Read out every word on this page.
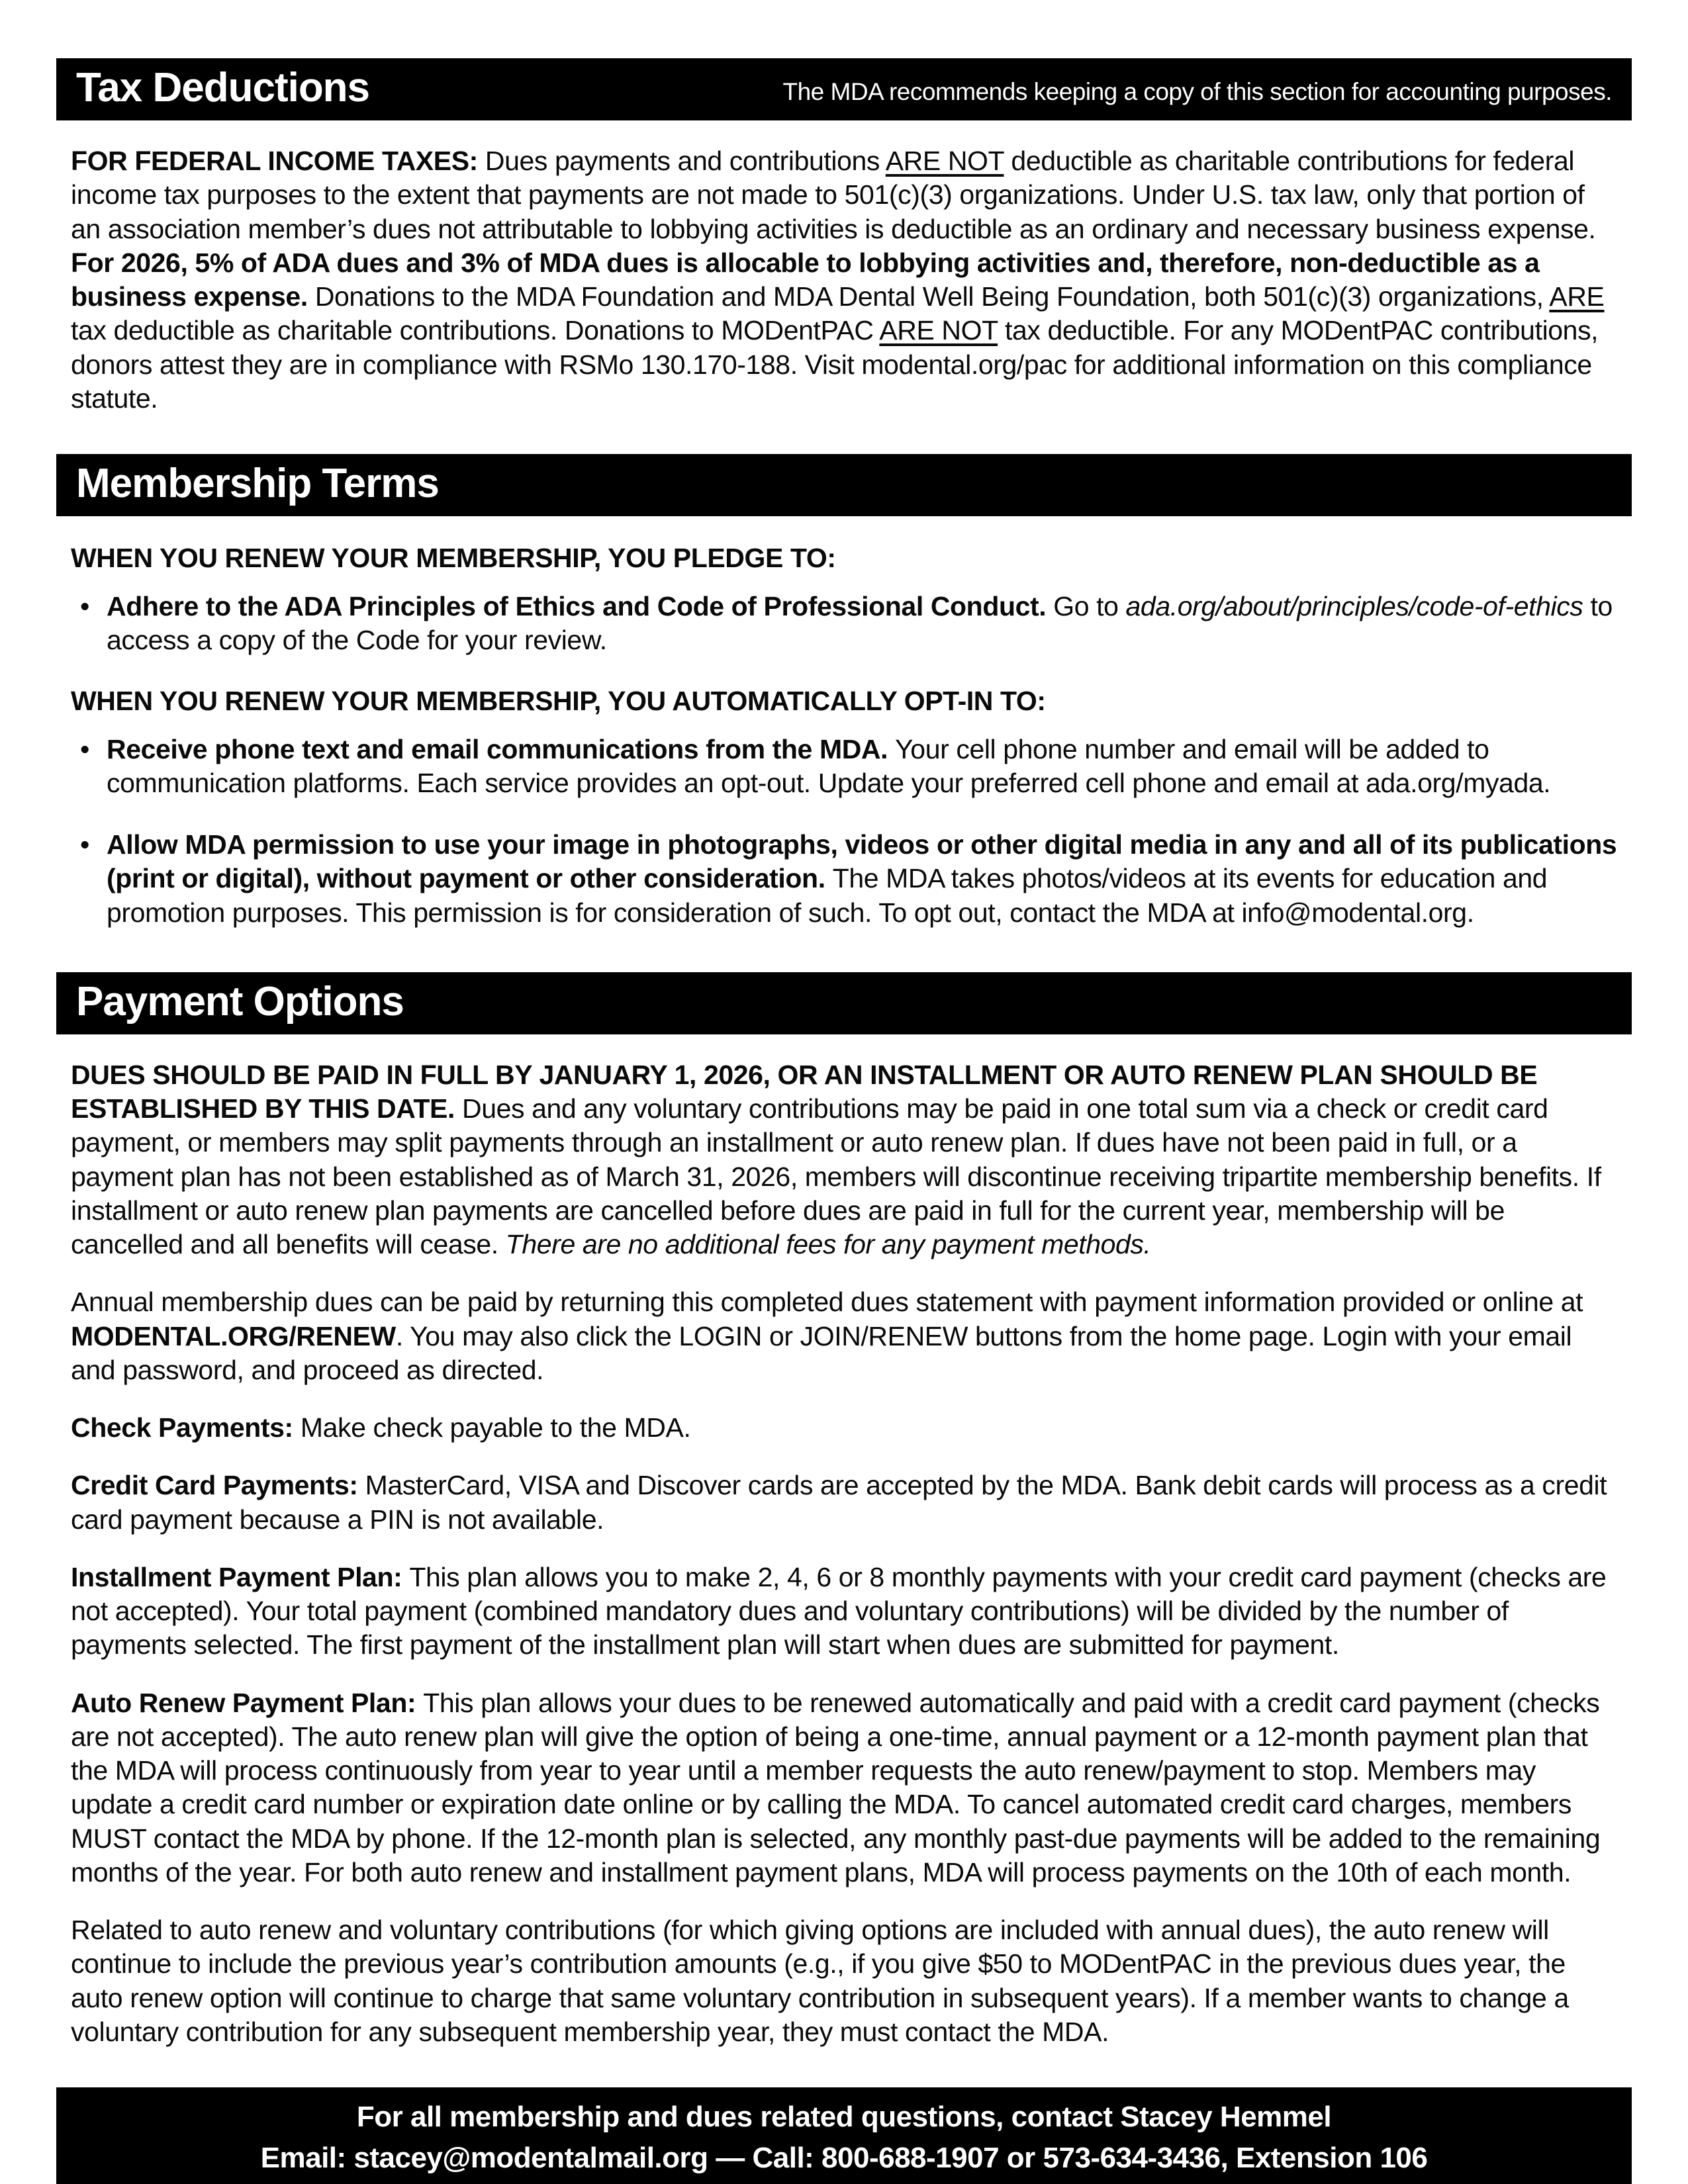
Tax Deductions	The MDA recommends keeping a copy of this section for accounting purposes.

FOR FEDERAL INCOME TAXES: Dues payments and contributions ARE NOT deductible as charitable contributions for federal income tax purposes to the extent that payments are not made to 501(c)(3) organizations. Under U.S. tax law, only that portion of an association member’s dues not attributable to lobbying activities is deductible as an ordinary and necessary business expense. For 2026, 5% of ADA dues and 3% of MDA dues is allocable to lobbying activities and, therefore, non-deductible as a business expense. Donations to the MDA Foundation and MDA Dental Well Being Foundation, both 501(c)(3) organizations, ARE tax deductible as charitable contributions. Donations to MODentPAC ARE NOT tax deductible. For any MODentPAC contributions, donors attest they are in compliance with RSMo 130.170-188. Visit modental.org/pac for additional information on this compliance statute.

Membership Terms

WHEN YOU RENEW YOUR MEMBERSHIP, YOU PLEDGE TO:

• Adhere to the ADA Principles of Ethics and Code of Professional Conduct. Go to ada.org/about/principles/code-of-ethics to access a copy of the Code for your review.

WHEN YOU RENEW YOUR MEMBERSHIP, YOU AUTOMATICALLY OPT-IN TO:

• Receive phone text and email communications from the MDA. Your cell phone number and email will be added to communication platforms. Each service provides an opt-out. Update your preferred cell phone and email at ada.org/myada.
• Allow MDA permission to use your image in photographs, videos or other digital media in any and all of its publications (print or digital), without payment or other consideration. The MDA takes photos/videos at its events for education and promotion purposes. This permission is for consideration of such. To opt out, contact the MDA at info@modental.org.
Payment Options

DUES SHOULD BE PAID IN FULL BY JANUARY 1, 2026, OR AN INSTALLMENT OR AUTO RENEW PLAN SHOULD BE ESTABLISHED BY THIS DATE. Dues and any voluntary contributions may be paid in one total sum via a check or credit card payment, or members may split payments through an installment or auto renew plan. If dues have not been paid in full, or a payment plan has not been established as of March 31, 2026, members will discontinue receiving tripartite membership benefits. If installment or auto renew plan payments are cancelled before dues are paid in full for the current year, membership will be cancelled and all benefits will cease. There are no additional fees for any payment methods.

Annual membership dues can be paid by returning this completed dues statement with payment information provided or online at MODENTAL.ORG/RENEW. You may also click the LOGIN or JOIN/RENEW buttons from the home page. Login with your email and password, and proceed as directed.

Check Payments: Make check payable to the MDA.

Credit Card Payments: MasterCard, VISA and Discover cards are accepted by the MDA. Bank debit cards will process as a credit card payment because a PIN is not available.

Installment Payment Plan: This plan allows you to make 2, 4, 6 or 8 monthly payments with your credit card payment (checks are not accepted). Your total payment (combined mandatory dues and voluntary contributions) will be divided by the number of payments selected. The first payment of the installment plan will start when dues are submitted for payment.

Auto Renew Payment Plan: This plan allows your dues to be renewed automatically and paid with a credit card payment (checks are not accepted). The auto renew plan will give the option of being a one-time, annual payment or a 12-month payment plan that the MDA will process continuously from year to year until a member requests the auto renew/payment to stop. Members may update a credit card number or expiration date online or by calling the MDA. To cancel automated credit card charges, members MUST contact the MDA by phone. If the 12-month plan is selected, any monthly past-due payments will be added to the remaining months of the year. For both auto renew and installment payment plans, MDA will process payments on the 10th of each month.

Related to auto renew and voluntary contributions (for which giving options are included with annual dues), the auto renew will continue to include the previous year’s contribution amounts (e.g., if you give $50 to MODentPAC in the previous dues year, the auto renew option will continue to charge that same voluntary contribution in subsequent years). If a member wants to change a voluntary contribution for any subsequent membership year, they must contact the MDA.

For all membership and dues related questions, contact Stacey Hemmel

Email: stacey@modentalmail.org — Call: 800-688-1907 or 573-634-3436, Extension 106
